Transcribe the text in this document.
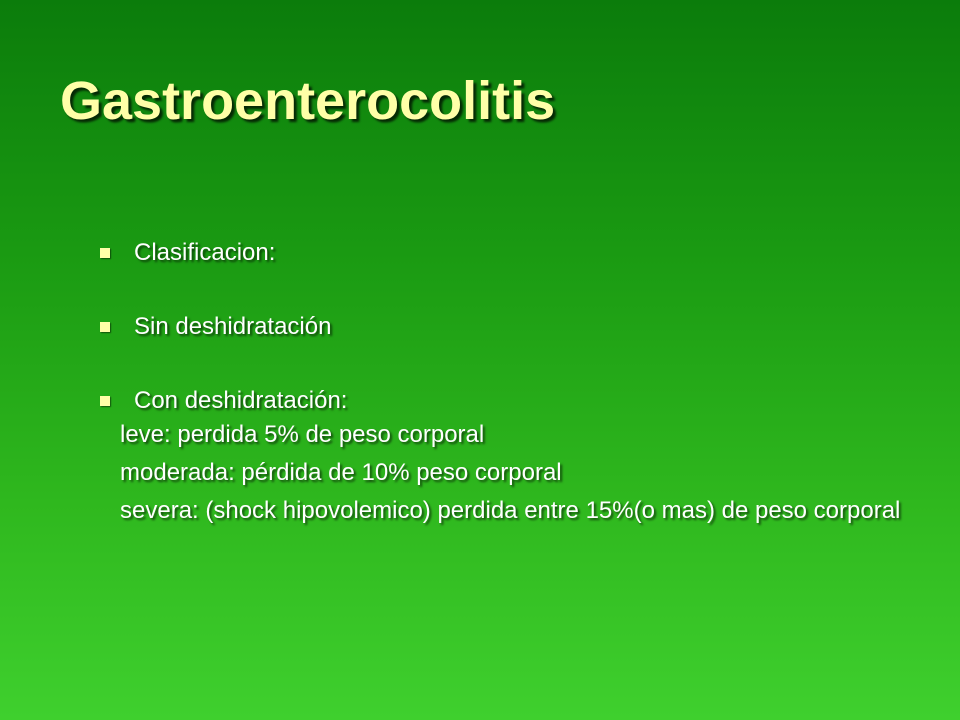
Gastroenterocolitis
Clasificacion:
Sin deshidratación
Con deshidratación:
leve: perdida 5% de peso corporal
moderada: pérdida de 10% peso corporal
severa: (shock hipovolemico) perdida entre 15%(o mas) de peso corporal
